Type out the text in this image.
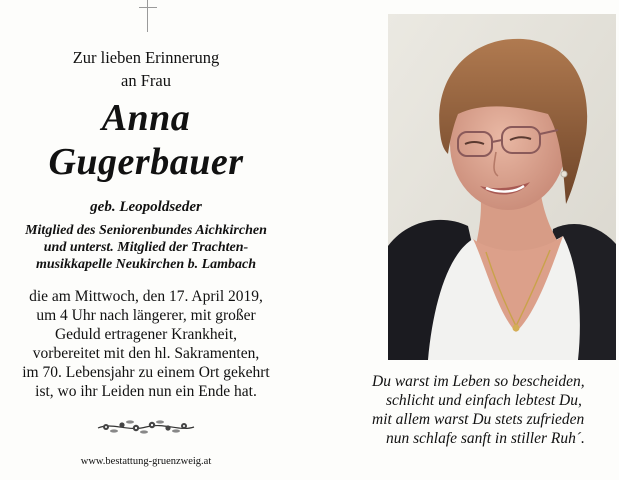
Zur lieben Erinnerung
an Frau
Anna
Gugerbauer
geb. Leopoldseder
Mitglied des Seniorenbundes Aichkirchen
und unterst. Mitglied der Trachten-
musikkapelle Neukirchen b. Lambach
die am Mittwoch, den 17. April 2019,
um 4 Uhr nach längerer, mit großer
Geduld ertragener Krankheit,
vorbereitet mit den hl. Sakramenten,
im 70. Lebensjahr zu einem Ort gekehrt
ist, wo ihr Leiden nun ein Ende hat.
www.bestattung-gruenzweig.at
Du warst im Leben so bescheiden,
schlicht und einfach lebtest Du,
mit allem warst Du stets zufrieden
nun schlafe sanft in stiller Ruh´.
